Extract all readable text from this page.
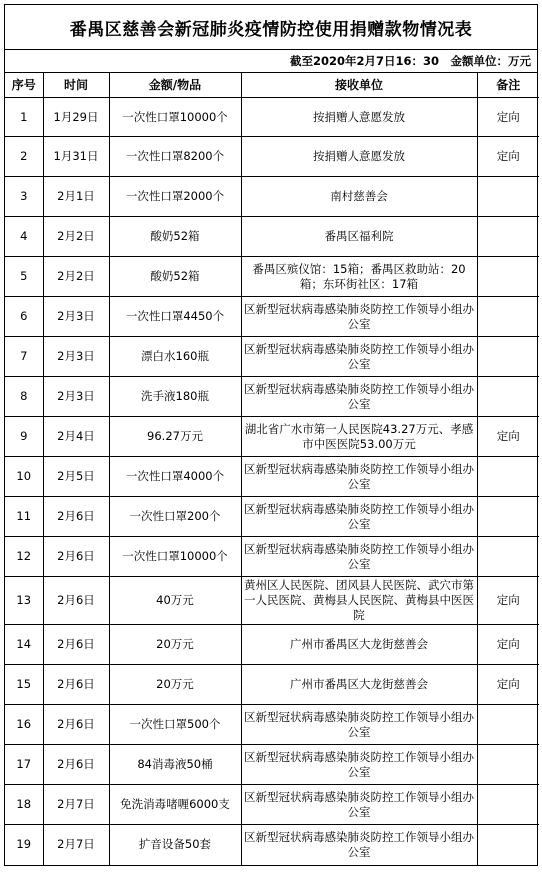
番禺区慈善会新冠肺炎疫情防控使用捐赠款物情况表
截至2020年2月7日16：30　金额单位：万元
序号	时间	金额/物品	接收单位	备注
1	1月29日	一次性口罩10000个	按捐赠人意愿发放	定向
2	1月31日	一次性口罩8200个	按捐赠人意愿发放	定向
3	2月1日	一次性口罩2000个	南村慈善会	
4	2月2日	酸奶52箱	番禺区福利院	
5	2月2日	酸奶52箱	番禺区殡仪馆：15箱；番禺区救助站：20箱；东环街社区：17箱	
6	2月3日	一次性口罩4450个	区新型冠状病毒感染肺炎防控工作领导小组办公室	
7	2月3日	漂白水160瓶	区新型冠状病毒感染肺炎防控工作领导小组办公室	
8	2月3日	洗手液180瓶	区新型冠状病毒感染肺炎防控工作领导小组办公室	
9	2月4日	96.27万元	湖北省广水市第一人民医院43.27万元、孝感市中医医院53.00万元	定向
10	2月5日	一次性口罩4000个	区新型冠状病毒感染肺炎防控工作领导小组办公室	
11	2月6日	一次性口罩200个	区新型冠状病毒感染肺炎防控工作领导小组办公室	
12	2月6日	一次性口罩10000个	区新型冠状病毒感染肺炎防控工作领导小组办公室	
13	2月6日	40万元	黄州区人民医院、团风县人民医院、武穴市第一人民医院、黄梅县人民医院、黄梅县中医医院	定向
14	2月6日	20万元	广州市番禺区大龙街慈善会	定向
15	2月6日	20万元	广州市番禺区大龙街慈善会	定向
16	2月6日	一次性口罩500个	区新型冠状病毒感染肺炎防控工作领导小组办公室	
17	2月6日	84消毒液50桶	区新型冠状病毒感染肺炎防控工作领导小组办公室	
18	2月7日	免洗消毒啫喱6000支	区新型冠状病毒感染肺炎防控工作领导小组办公室	
19	2月7日	扩音设备50套	区新型冠状病毒感染肺炎防控工作领导小组办公室	
